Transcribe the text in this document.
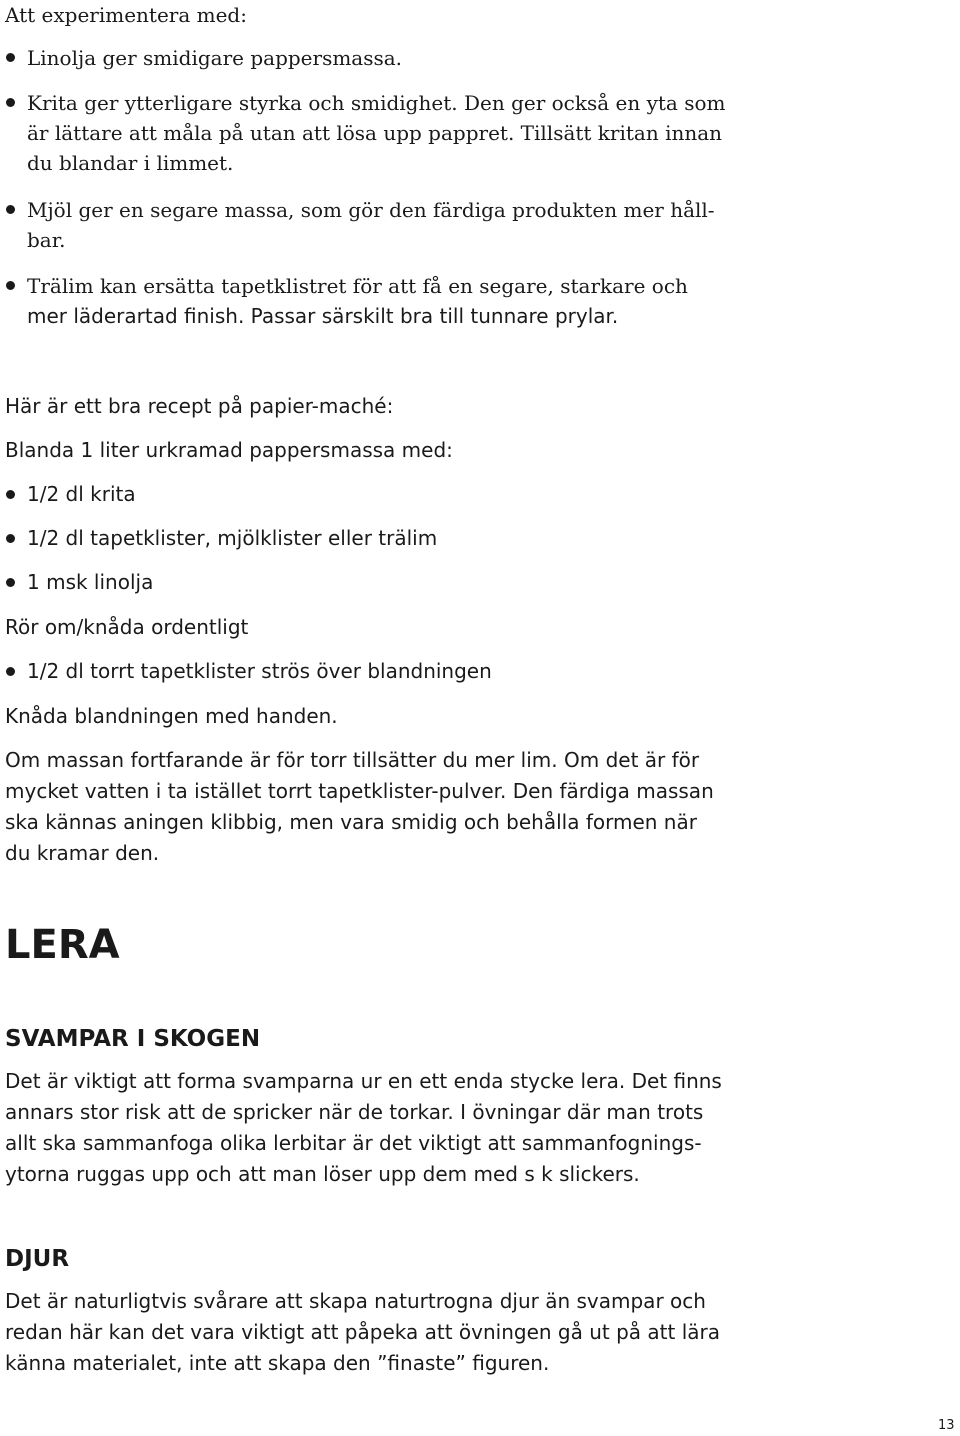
Att experimentera med:
Linolja ger smidigare pappersmassa.
Krita ger ytterligare styrka och smidighet. Den ger också en yta som
är lättare att måla på utan att lösa upp pappret. Tillsätt kritan innan
du blandar i limmet.
Mjöl ger en segare massa, som gör den färdiga produkten mer håll-
bar.
Trälim kan ersätta tapetklistret för att få en segare, starkare och
mer läderartad finish. Passar särskilt bra till tunnare prylar.
Här är ett bra recept på papier-maché:
Blanda 1 liter urkramad pappersmassa med:
1/2 dl krita
1/2 dl tapetklister, mjölklister eller trälim
1 msk linolja
Rör om/knåda ordentligt
1/2 dl torrt tapetklister strös över blandningen
Knåda blandningen med handen.
Om massan fortfarande är för torr tillsätter du mer lim. Om det är för
mycket vatten i ta istället torrt tapetklister-pulver. Den färdiga massan
ska kännas aningen klibbig, men vara smidig och behålla formen när
du kramar den.
LERA
SVAMPAR I SKOGEN
Det är viktigt att forma svamparna ur en ett enda stycke lera. Det finns
annars stor risk att de spricker när de torkar. I övningar där man trots
allt ska sammanfoga olika lerbitar är det viktigt att sammanfognings-
ytorna ruggas upp och att man löser upp dem med s k slickers.
DJUR
Det är naturligtvis svårare att skapa naturtrogna djur än svampar och
redan här kan det vara viktigt att påpeka att övningen gå ut på att lära
känna materialet, inte att skapa den ”finaste” figuren.
13
